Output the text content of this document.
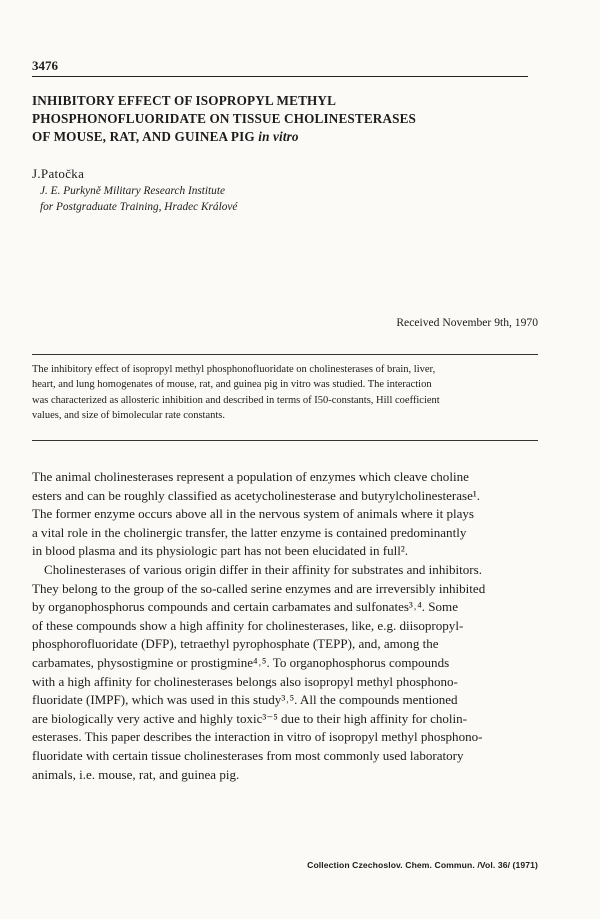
3476
INHIBITORY EFFECT OF ISOPROPYL METHYL
PHOSPHONOFLUORIDATE ON TISSUE CHOLINESTERASES
OF MOUSE, RAT, AND GUINEA PIG in vitro
J.Patočka
J. E. Purkyně Military Research Institute
for Postgraduate Training, Hradec Králové
Received November 9th, 1970
The inhibitory effect of isopropyl methyl phosphonofluoridate on cholinesterases of brain, liver,
heart, and lung homogenates of mouse, rat, and guinea pig in vitro was studied. The interaction
was characterized as allosteric inhibition and described in terms of I50-constants, Hill coefficient
values, and size of bimolecular rate constants.
The animal cholinesterases represent a population of enzymes which cleave choline
esters and can be roughly classified as acetycholinesterase and butyrylcholinesterase¹.
The former enzyme occurs above all in the nervous system of animals where it plays
a vital role in the cholinergic transfer, the latter enzyme is contained predominantly
in blood plasma and its physiologic part has not been elucidated in full².
Cholinesterases of various origin differ in their affinity for substrates and inhibitors.
They belong to the group of the so-called serine enzymes and are irreversibly inhibited
by organophosphorus compounds and certain carbamates and sulfonates³˒⁴. Some
of these compounds show a high affinity for cholinesterases, like, e.g. diisopropyl-
phosphorofluoridate (DFP), tetraethyl pyrophosphate (TEPP), and, among the
carbamates, physostigmine or prostigmine⁴˒⁵. To organophosphorus compounds
with a high affinity for cholinesterases belongs also isopropyl methyl phosphono-
fluoridate (IMPF), which was used in this study³˒⁵. All the compounds mentioned
are biologically very active and highly toxic³⁻⁵ due to their high affinity for cholin-
esterases. This paper describes the interaction in vitro of isopropyl methyl phosphono-
fluoridate with certain tissue cholinesterases from most commonly used laboratory
animals, i.e. mouse, rat, and guinea pig.
Collection Czechoslov. Chem. Commun. /Vol. 36/ (1971)
